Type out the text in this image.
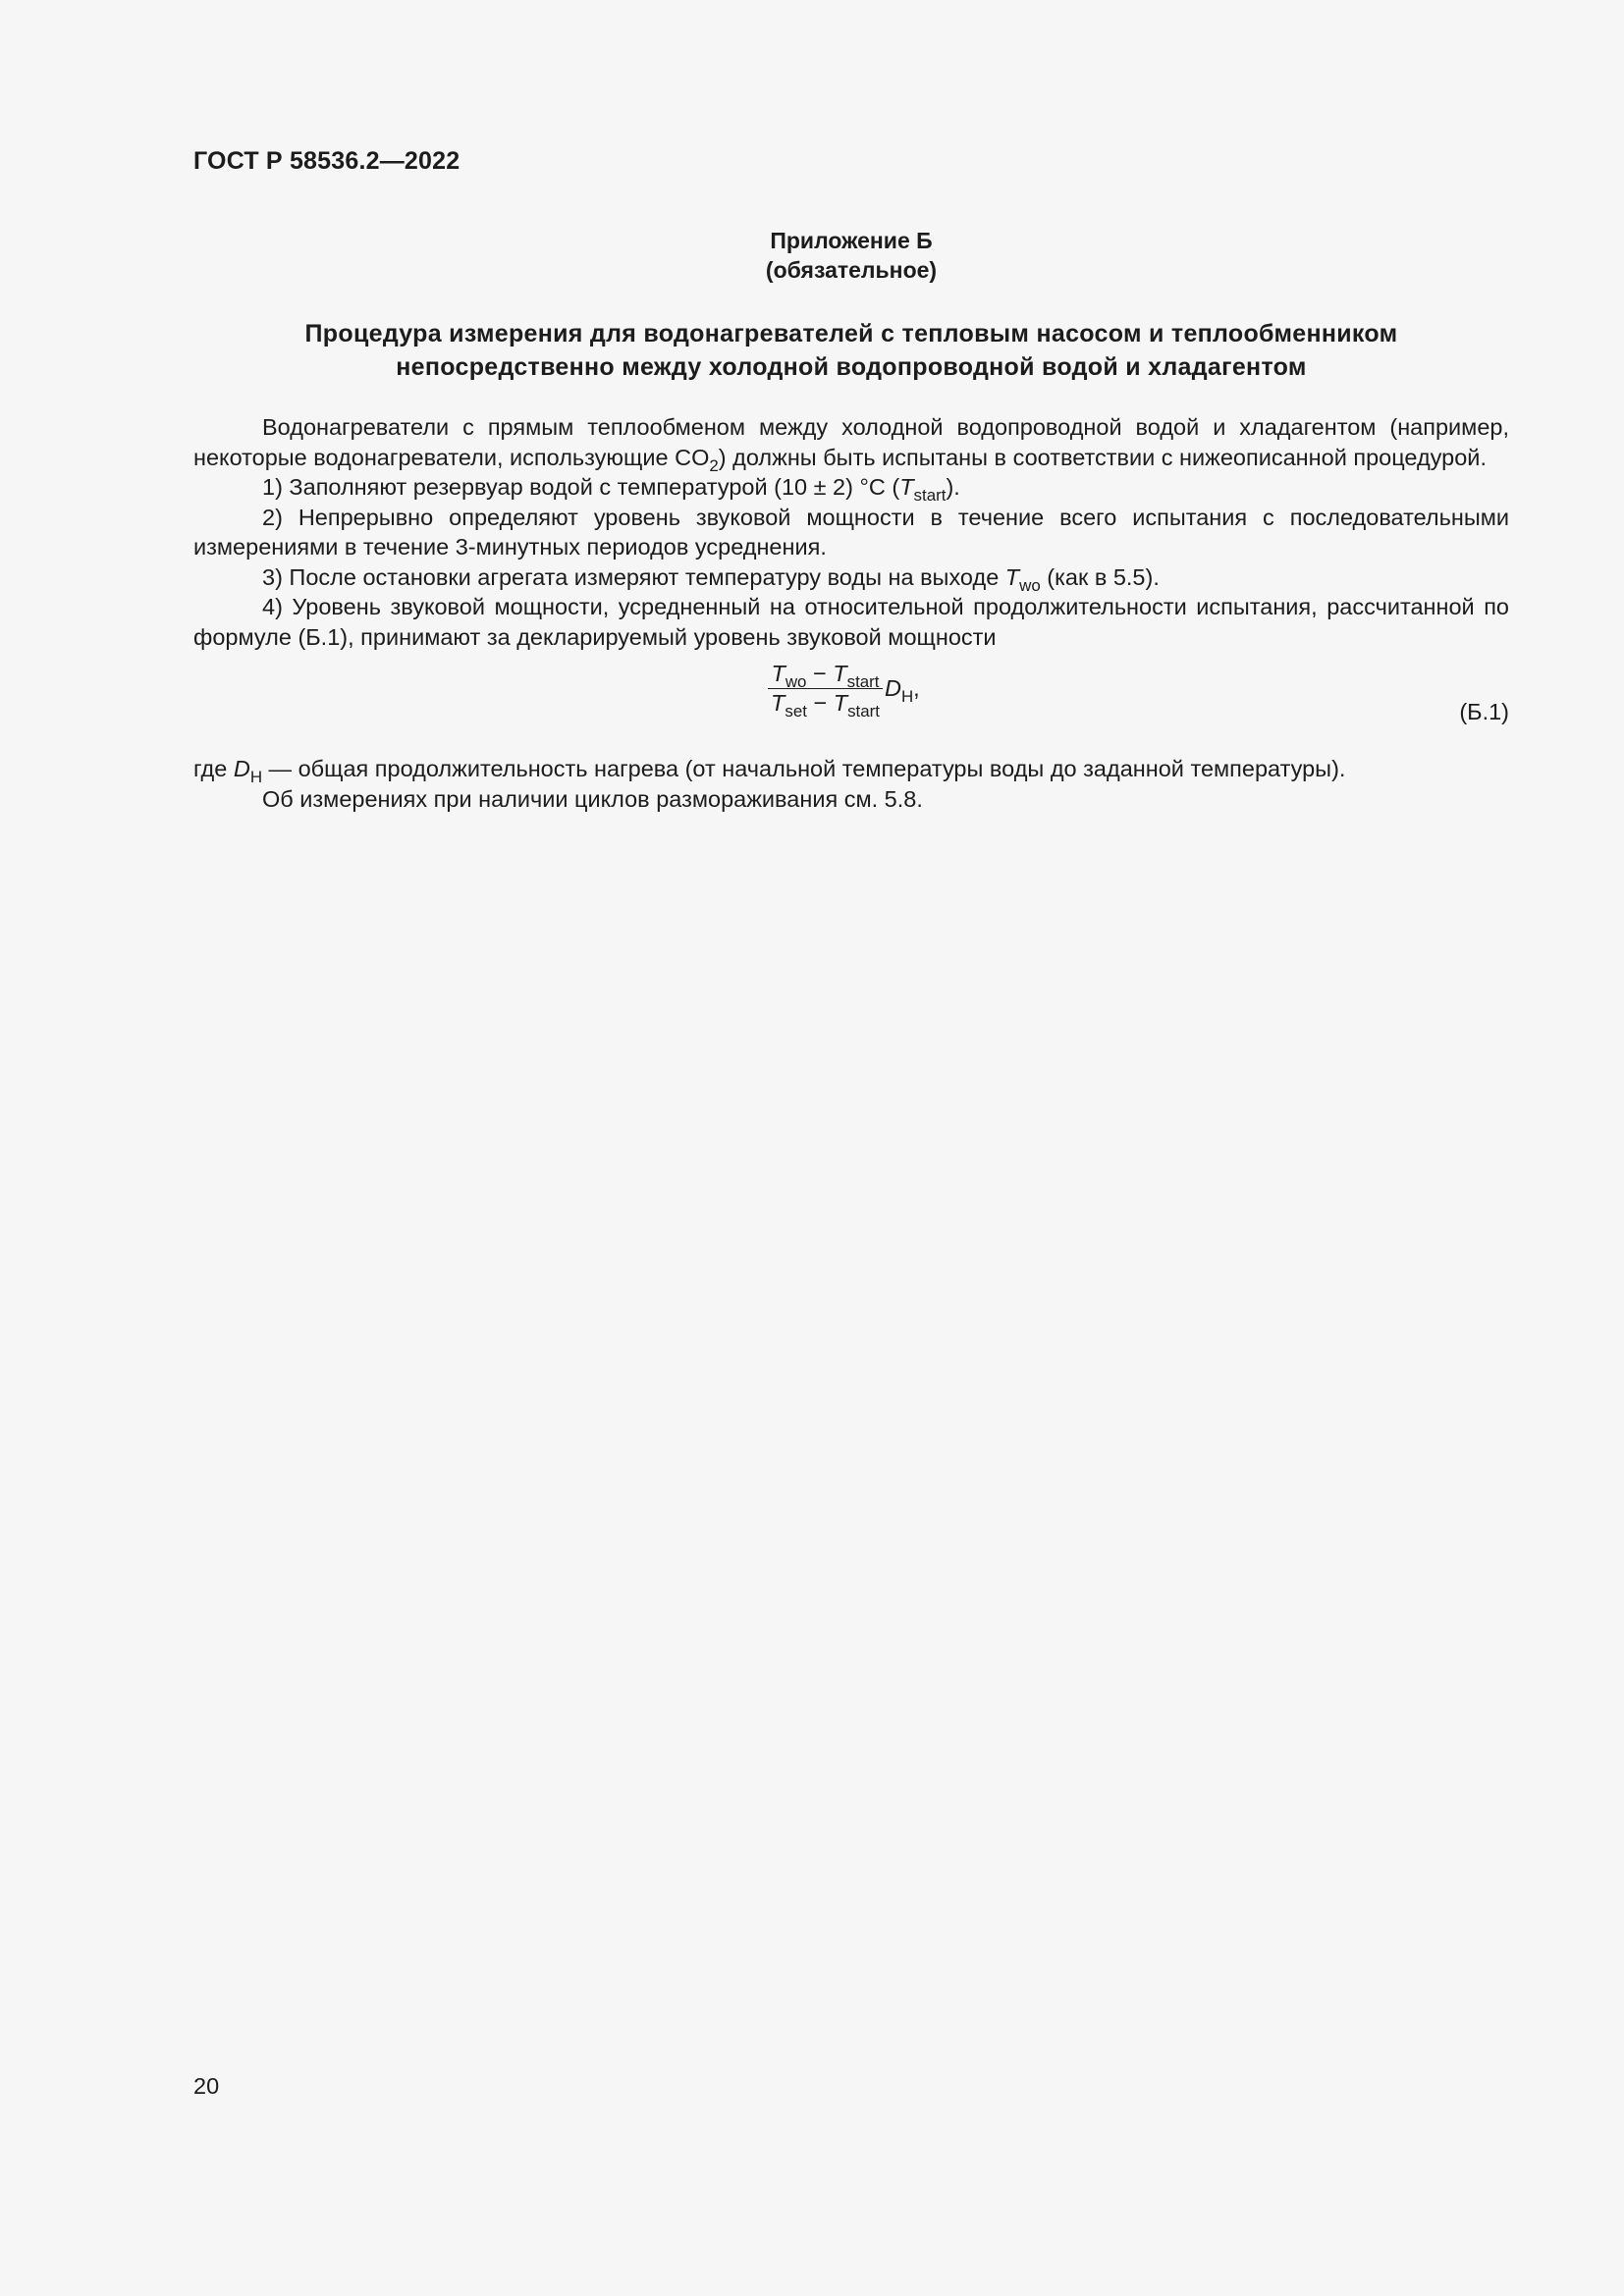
ГОСТ Р 58536.2—2022
Приложение Б
(обязательное)
Процедура измерения для водонагревателей с тепловым насосом и теплообменником
непосредственно между холодной водопроводной водой и хладагентом

Водонагреватели с прямым теплообменом между холодной водопроводной водой и хладагентом (например, некоторые водонагреватели, использующие $CO_2$) должны быть испытаны в соответствии с нижеописанной процедурой.

1) Заполняют резервуар водой с температурой (10 ± 2) °С $(T_{start})$.

2) Непрерывно определяют уровень звуковой мощности в течение всего испытания с последовательными измерениями в течение 3-минутных периодов усреднения.

3) После остановки агрегата измеряют температуру воды на выходе $T_{wo}$ (как в 5.5).

4) Уровень звуковой мощности, усредненный на относительной продолжительности испытания, рассчитанной по формуле (Б.1), принимают за декларируемый уровень звуковой мощности

$\frac{T_{wo} - T_{start}}{T_{set} - T_{start}} D_H$,
(Б.1)

где $D_H$ — общая продолжительность нагрева (от начальной температуры воды до заданной температуры).

Об измерениях при наличии циклов размораживания см. 5.8.

20
